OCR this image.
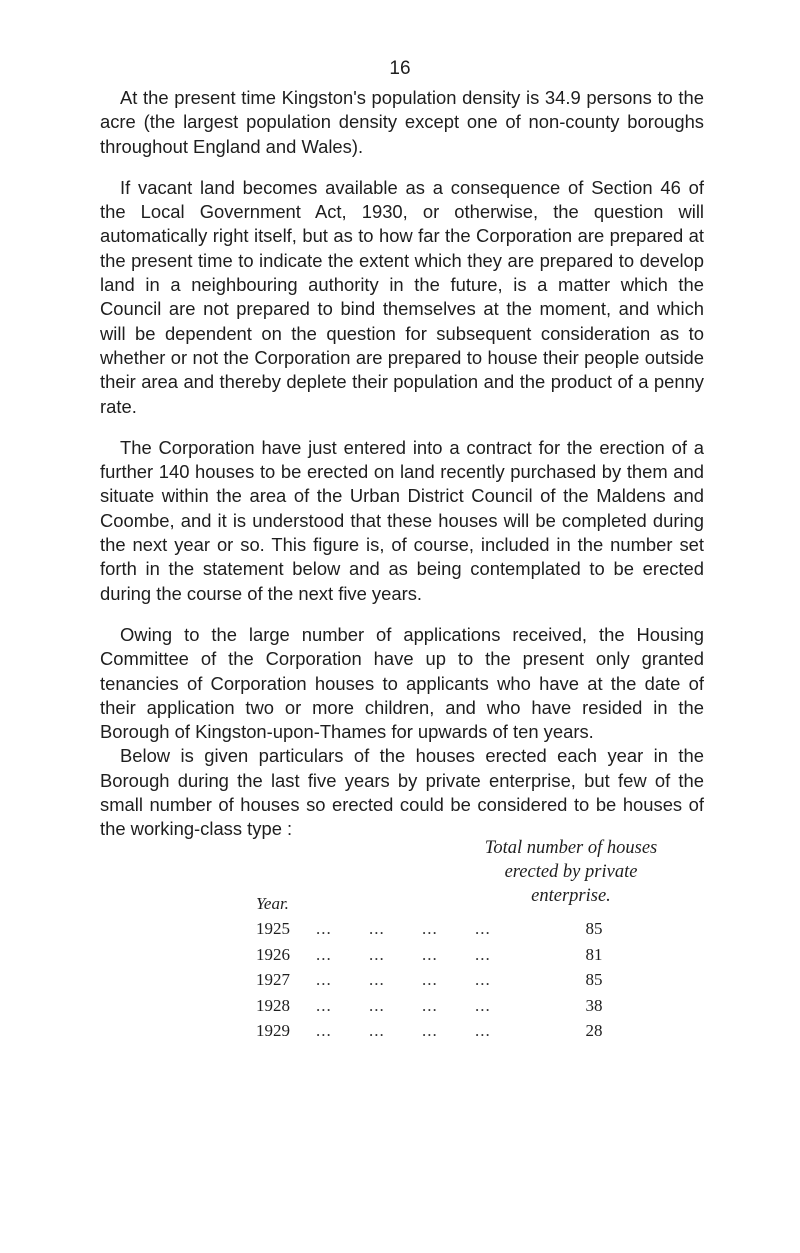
16

At the present time Kingston's population density is 34.9 persons to the acre (the largest population density except one of non-county boroughs throughout England and Wales).

If vacant land becomes available as a consequence of Section 46 of the Local Government Act, 1930, or otherwise, the question will automatically right itself, but as to how far the Corporation are prepared at the present time to indicate the extent which they are prepared to develop land in a neighbouring authority in the future, is a matter which the Council are not prepared to bind themselves at the moment, and which will be dependent on the question for subsequent consideration as to whether or not the Corporation are prepared to house their people outside their area and thereby deplete their population and the product of a penny rate.

The Corporation have just entered into a contract for the erection of a further 140 houses to be erected on land recently purchased by them and situate within the area of the Urban District Council of the Maldens and Coombe, and it is understood that these houses will be completed during the next year or so. This figure is, of course, included in the number set forth in the statement below and as being contemplated to be erected during the course of the next five years.

Owing to the large number of applications received, the Housing Committee of the Corporation have up to the present only granted tenancies of Corporation houses to applicants who have at the date of their application two or more children, and who have resided in the Borough of Kingston-upon-Thames for upwards of ten years.

Below is given particulars of the houses erected each year in the Borough during the last five years by private enterprise, but few of the small number of houses so erected could be considered to be houses of the working-class type :

Total number of houses
erected by private
enterprise.
Year.
1925 ... ... ... ...	85
1926 ... ... ... ...	81
1927 ... ... ... ...	85
1928 ... ... ... ...	38
1929 ... ... ... ...	28
